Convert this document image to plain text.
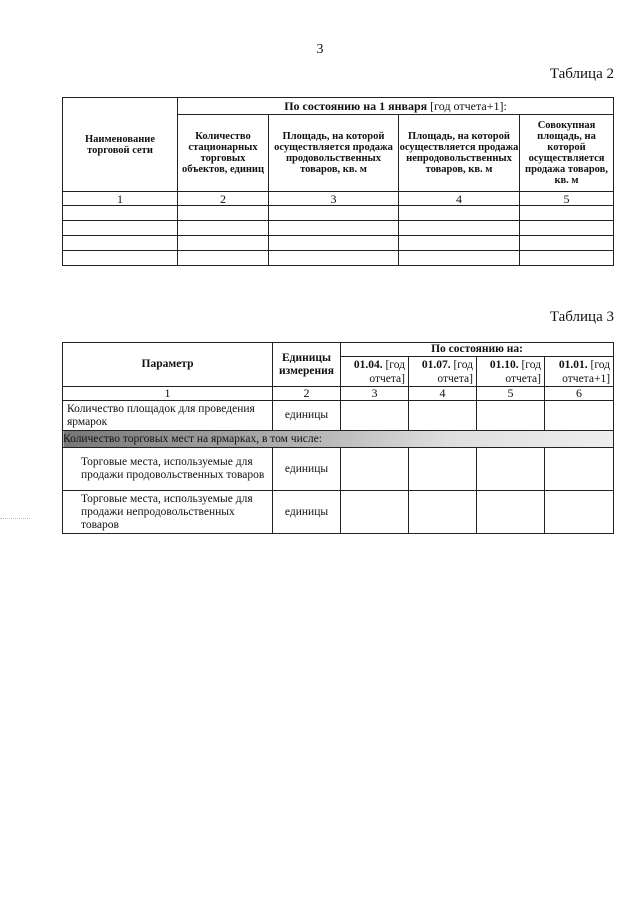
3
Таблица 2
Наименование торговой сети	По состоянию на 1 января [год отчета+1]:			
	Количество стационарных торговых объектов, единиц	Площадь, на которой осуществляется продажа продовольственных товаров, кв. м	Площадь, на которой осуществляется продажа непродовольственных товаров, кв. м	Совокупная площадь, на которой осуществляется продажа товаров, кв. м
1	2	3	4	5

Таблица 3
Параметр	Единицы измерения	По состоянию на:			
		01.04. [год отчета]	01.07. [год отчета]	01.10. [год отчета]	01.01. [год отчета+1]
1	2	3	4	5	6
Количество площадок для проведения ярмарок	единицы				
Количество торговых мест на ярмарках, в том числе:					
Торговые места, используемые для продажи продовольственных товаров	единицы				
Торговые места, используемые для продажи непродовольственных товаров	единицы				
